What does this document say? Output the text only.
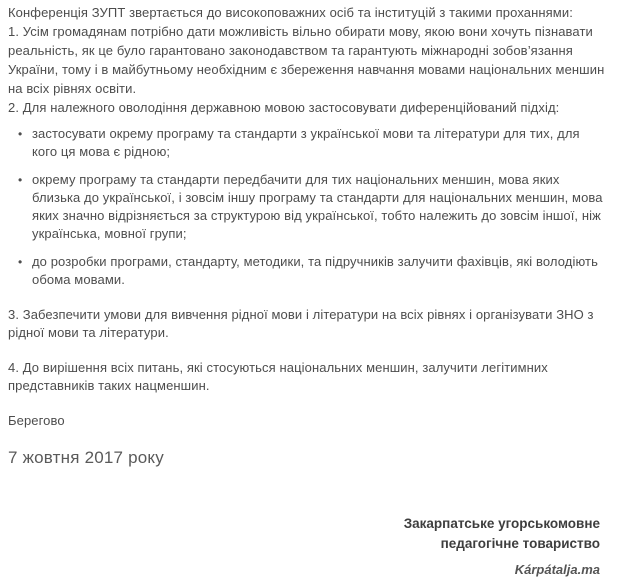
Конференція ЗУПТ звертається до високоповажних осіб та інституцій з такими проханнями:

1. Усім громадянам потрібно дати можливість вільно обирати мову, якою вони хочуть пізнавати реальність, як це було гарантовано законодавством та гарантують міжнародні зобов’язання України, тому і в майбутньому необхідним є збереження навчання мовами національних меншин на всіх рівнях освіти.

2. Для належного оволодіння державною мовою застосовувати диференційований підхід:

• застосувати окрему програму та стандарти з української мови та літератури для тих, для кого ця мова є рідною;
• окрему програму та стандарти передбачити для тих національних меншин, мова яких близька до української, і зовсім іншу програму та стандарти для національних меншин, мова яких значно відрізняється за структурою від української, тобто належить до зовсім іншої, ніж українська, мовної групи;
• до розробки програми, стандарту, методики, та підручників залучити фахівців, які володіють обома мовами.

3. Забезпечити умови для вивчення рідної мови і літератури на всіх рівнях і організувати ЗНО з рідної мови та літератури.

4. До вирішення всіх питань, які стосуються національних меншин, залучити легітимних представників таких нацменшин.

Берегово

7 жовтня 2017 року

Закарпатське угорськомовне
педагогічне товариство
Kárpátalja.ma
